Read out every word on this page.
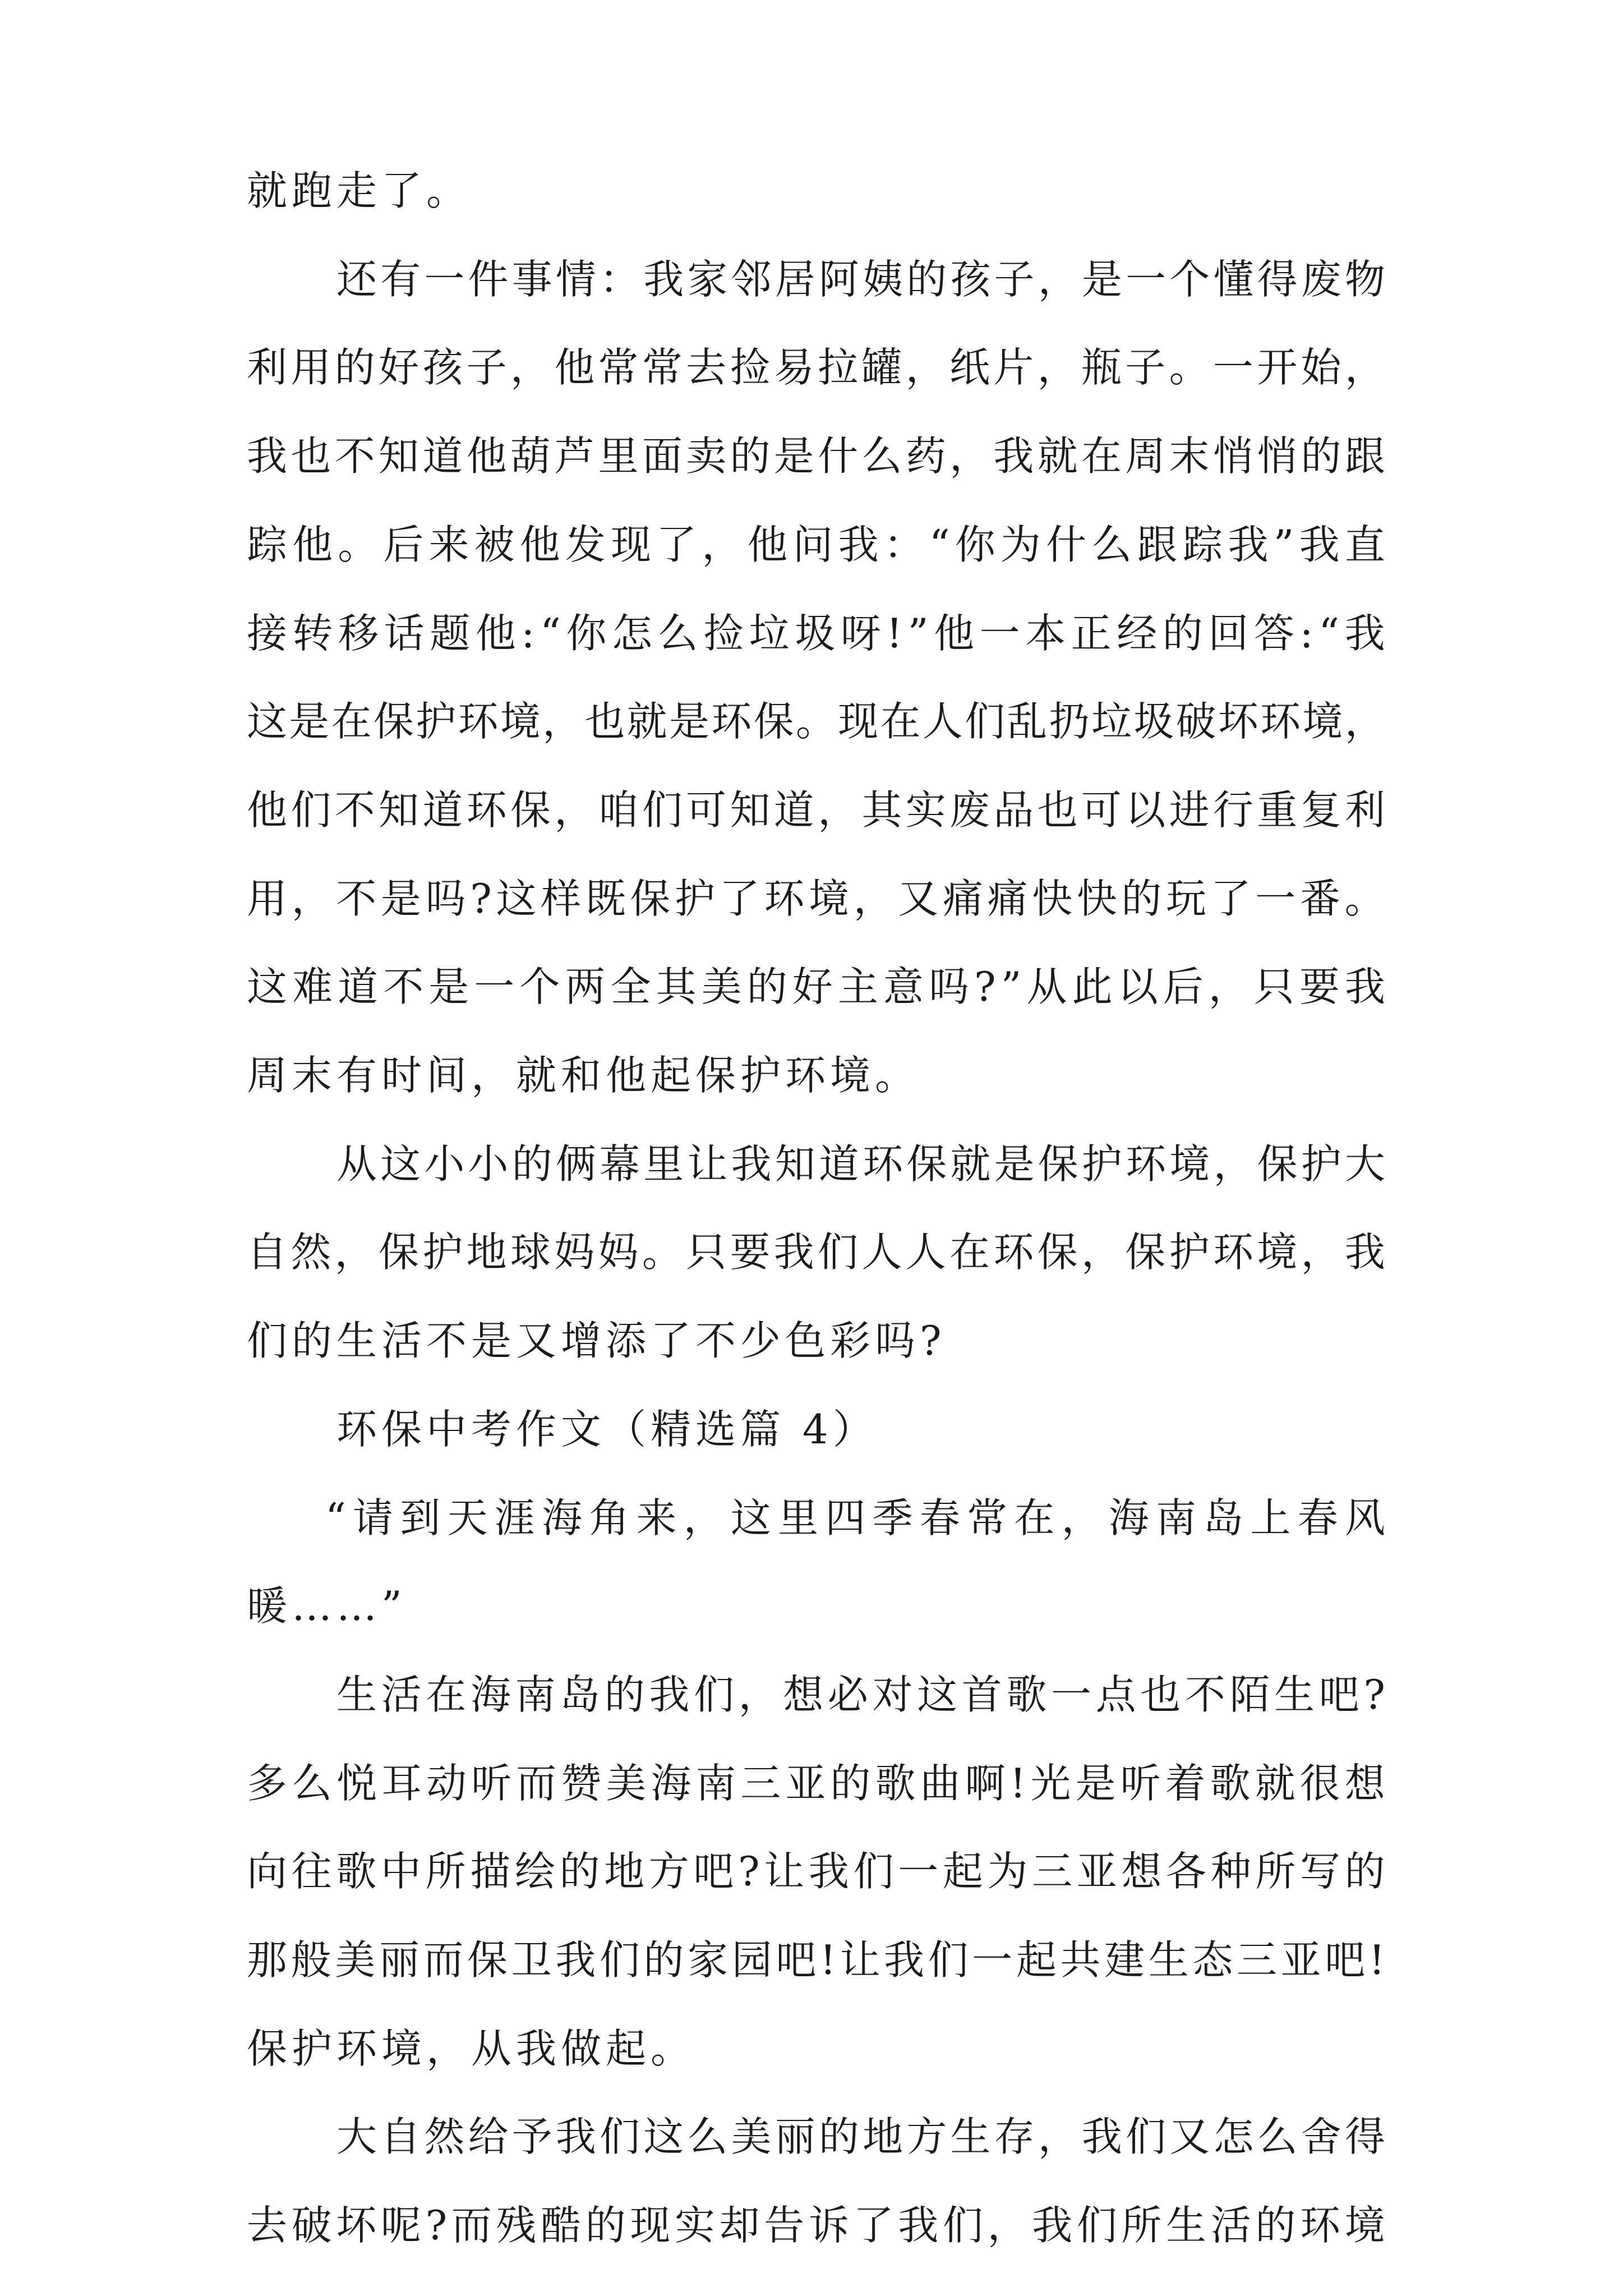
就跑走了。
还 有 一 件 事 情 ： 我 家 邻 居 阿 姨 的 孩 子 ， 是 一 个 懂 得 废 物
利 用 的 好 孩 子 ， 他 常 常 去 捡 易 拉 罐 ， 纸 片 ， 瓶 子 。 一 开 始 ，
我 也 不 知 道 他 葫 芦 里 面 卖 的 是 什 么 药 ， 我 就 在 周 末 悄 悄 的 跟
踪 他 。 后 来 被 他 发 现 了 ， 他 问 我 ： “ 你 为 什 么 跟 踪 我 ” 我 直
接 转 移 话 题 他 : “ 你 怎 么 捡 垃 圾 呀 ! ” 他 一 本 正 经 的 回 答 : “ 我
这 是 在 保 护 环 境 ， 也 就 是 环 保 。 现 在 人 们 乱 扔 垃 圾 破 坏 环 境 ，
他 们 不 知 道 环 保 ， 咱 们 可 知 道 ， 其 实 废 品 也 可 以 进 行 重 复 利
用 ， 不 是 吗 ? 这 样 既 保 护 了 环 境 ， 又 痛 痛 快 快 的 玩 了 一 番 。
这 难 道 不 是 一 个 两 全 其 美 的 好 主 意 吗 ? ” 从 此 以 后 ， 只 要 我
周末有时间，就和他起保护环境。
从 这 小 小 的 俩 幕 里 让 我 知 道 环 保 就 是 保 护 环 境 ， 保 护 大
自 然 ， 保 护 地 球 妈 妈 。 只 要 我 们 人 人 在 环 保 ， 保 护 环 境 ， 我
们的生活不是又增添了不少色彩吗?
环保中考作文（精选篇 4）
“ 请 到 天 涯 海 角 来 ， 这 里 四 季 春 常 在 ， 海 南 岛 上 春 风
暖……”
生 活 在 海 南 岛 的 我 们 ， 想 必 对 这 首 歌 一 点 也 不 陌 生 吧 ?
多 么 悦 耳 动 听 而 赞 美 海 南 三 亚 的 歌 曲 啊 ! 光 是 听 着 歌 就 很 想
向 往 歌 中 所 描 绘 的 地 方 吧 ? 让 我 们 一 起 为 三 亚 想 各 种 所 写 的
那 般 美 丽 而 保 卫 我 们 的 家 园 吧 ! 让 我 们 一 起 共 建 生 态 三 亚 吧 !
保护环境，从我做起。
大 自 然 给 予 我 们 这 么 美 丽 的 地 方 生 存 ， 我 们 又 怎 么 舍 得
去 破 坏 呢 ? 而 残 酷 的 现 实 却 告 诉 了 我 们 ， 我 们 所 生 活 的 环 境
